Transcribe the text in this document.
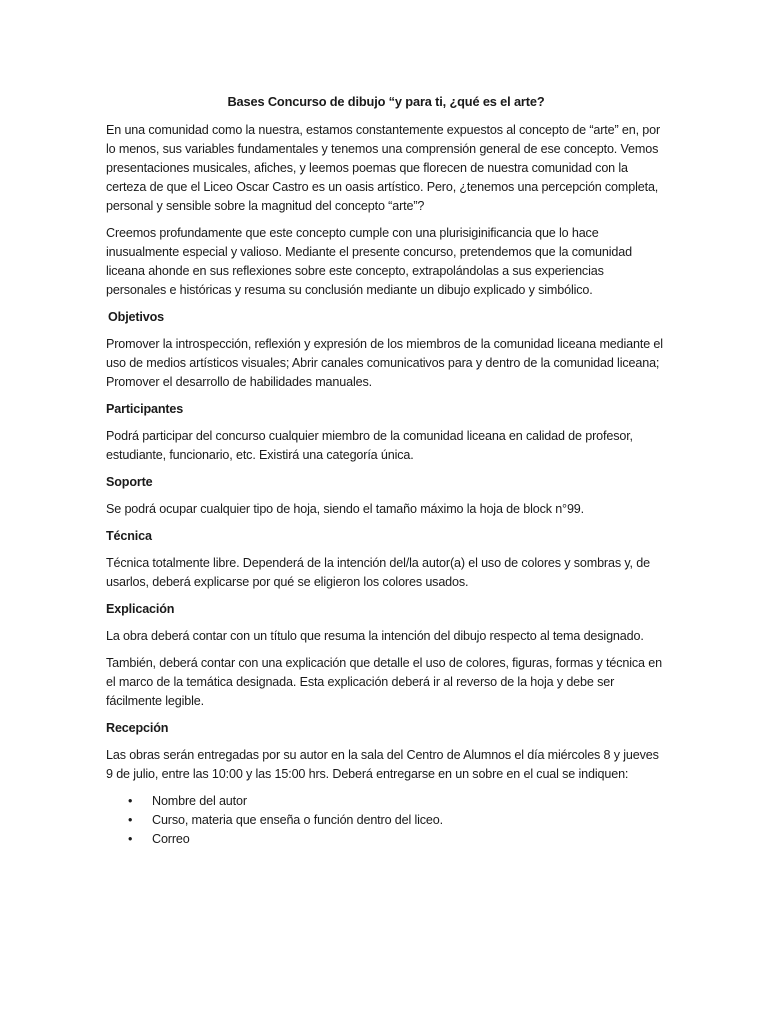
Bases Concurso de dibujo “y para ti, ¿qué es el arte?

En una comunidad como la nuestra, estamos constantemente expuestos al concepto de “arte” en, por lo menos, sus variables fundamentales y tenemos una comprensión general de ese concepto. Vemos presentaciones musicales, afiches, y leemos poemas que florecen de nuestra comunidad con la certeza de que el Liceo Oscar Castro es un oasis artístico. Pero, ¿tenemos una percepción completa, personal y sensible sobre la magnitud del concepto “arte”?

Creemos profundamente que este concepto cumple con una plurisiginificancia que lo hace inusualmente especial y valioso. Mediante el presente concurso, pretendemos que la comunidad liceana ahonde en sus reflexiones sobre este concepto, extrapolándolas a sus experiencias personales e históricas y resuma su conclusión mediante un dibujo explicado y simbólico.

Objetivos

Promover la introspección, reflexión y expresión de los miembros de la comunidad liceana mediante el uso de medios artísticos visuales; Abrir canales comunicativos para y dentro de la comunidad liceana; Promover el desarrollo de habilidades manuales.

Participantes

Podrá participar del concurso cualquier miembro de la comunidad liceana en calidad de profesor, estudiante, funcionario, etc. Existirá una categoría única.

Soporte

Se podrá ocupar cualquier tipo de hoja, siendo el tamaño máximo la hoja de block n°99.

Técnica

Técnica totalmente libre. Dependerá de la intención del/la autor(a) el uso de colores y sombras y, de usarlos, deberá explicarse por qué se eligieron los colores usados.

Explicación

La obra deberá contar con un título que resuma la intención del dibujo respecto al tema designado.

También, deberá contar con una explicación que detalle el uso de colores, figuras, formas y técnica en el marco de la temática designada. Esta explicación deberá ir al reverso de la hoja y debe ser fácilmente legible.

Recepción

Las obras serán entregadas por su autor en la sala del Centro de Alumnos el día miércoles 8 y jueves 9 de julio, entre las 10:00 y las 15:00 hrs. Deberá entregarse en un sobre en el cual se indiquen:

• Nombre del autor
• Curso, materia que enseña o función dentro del liceo.
• Correo
